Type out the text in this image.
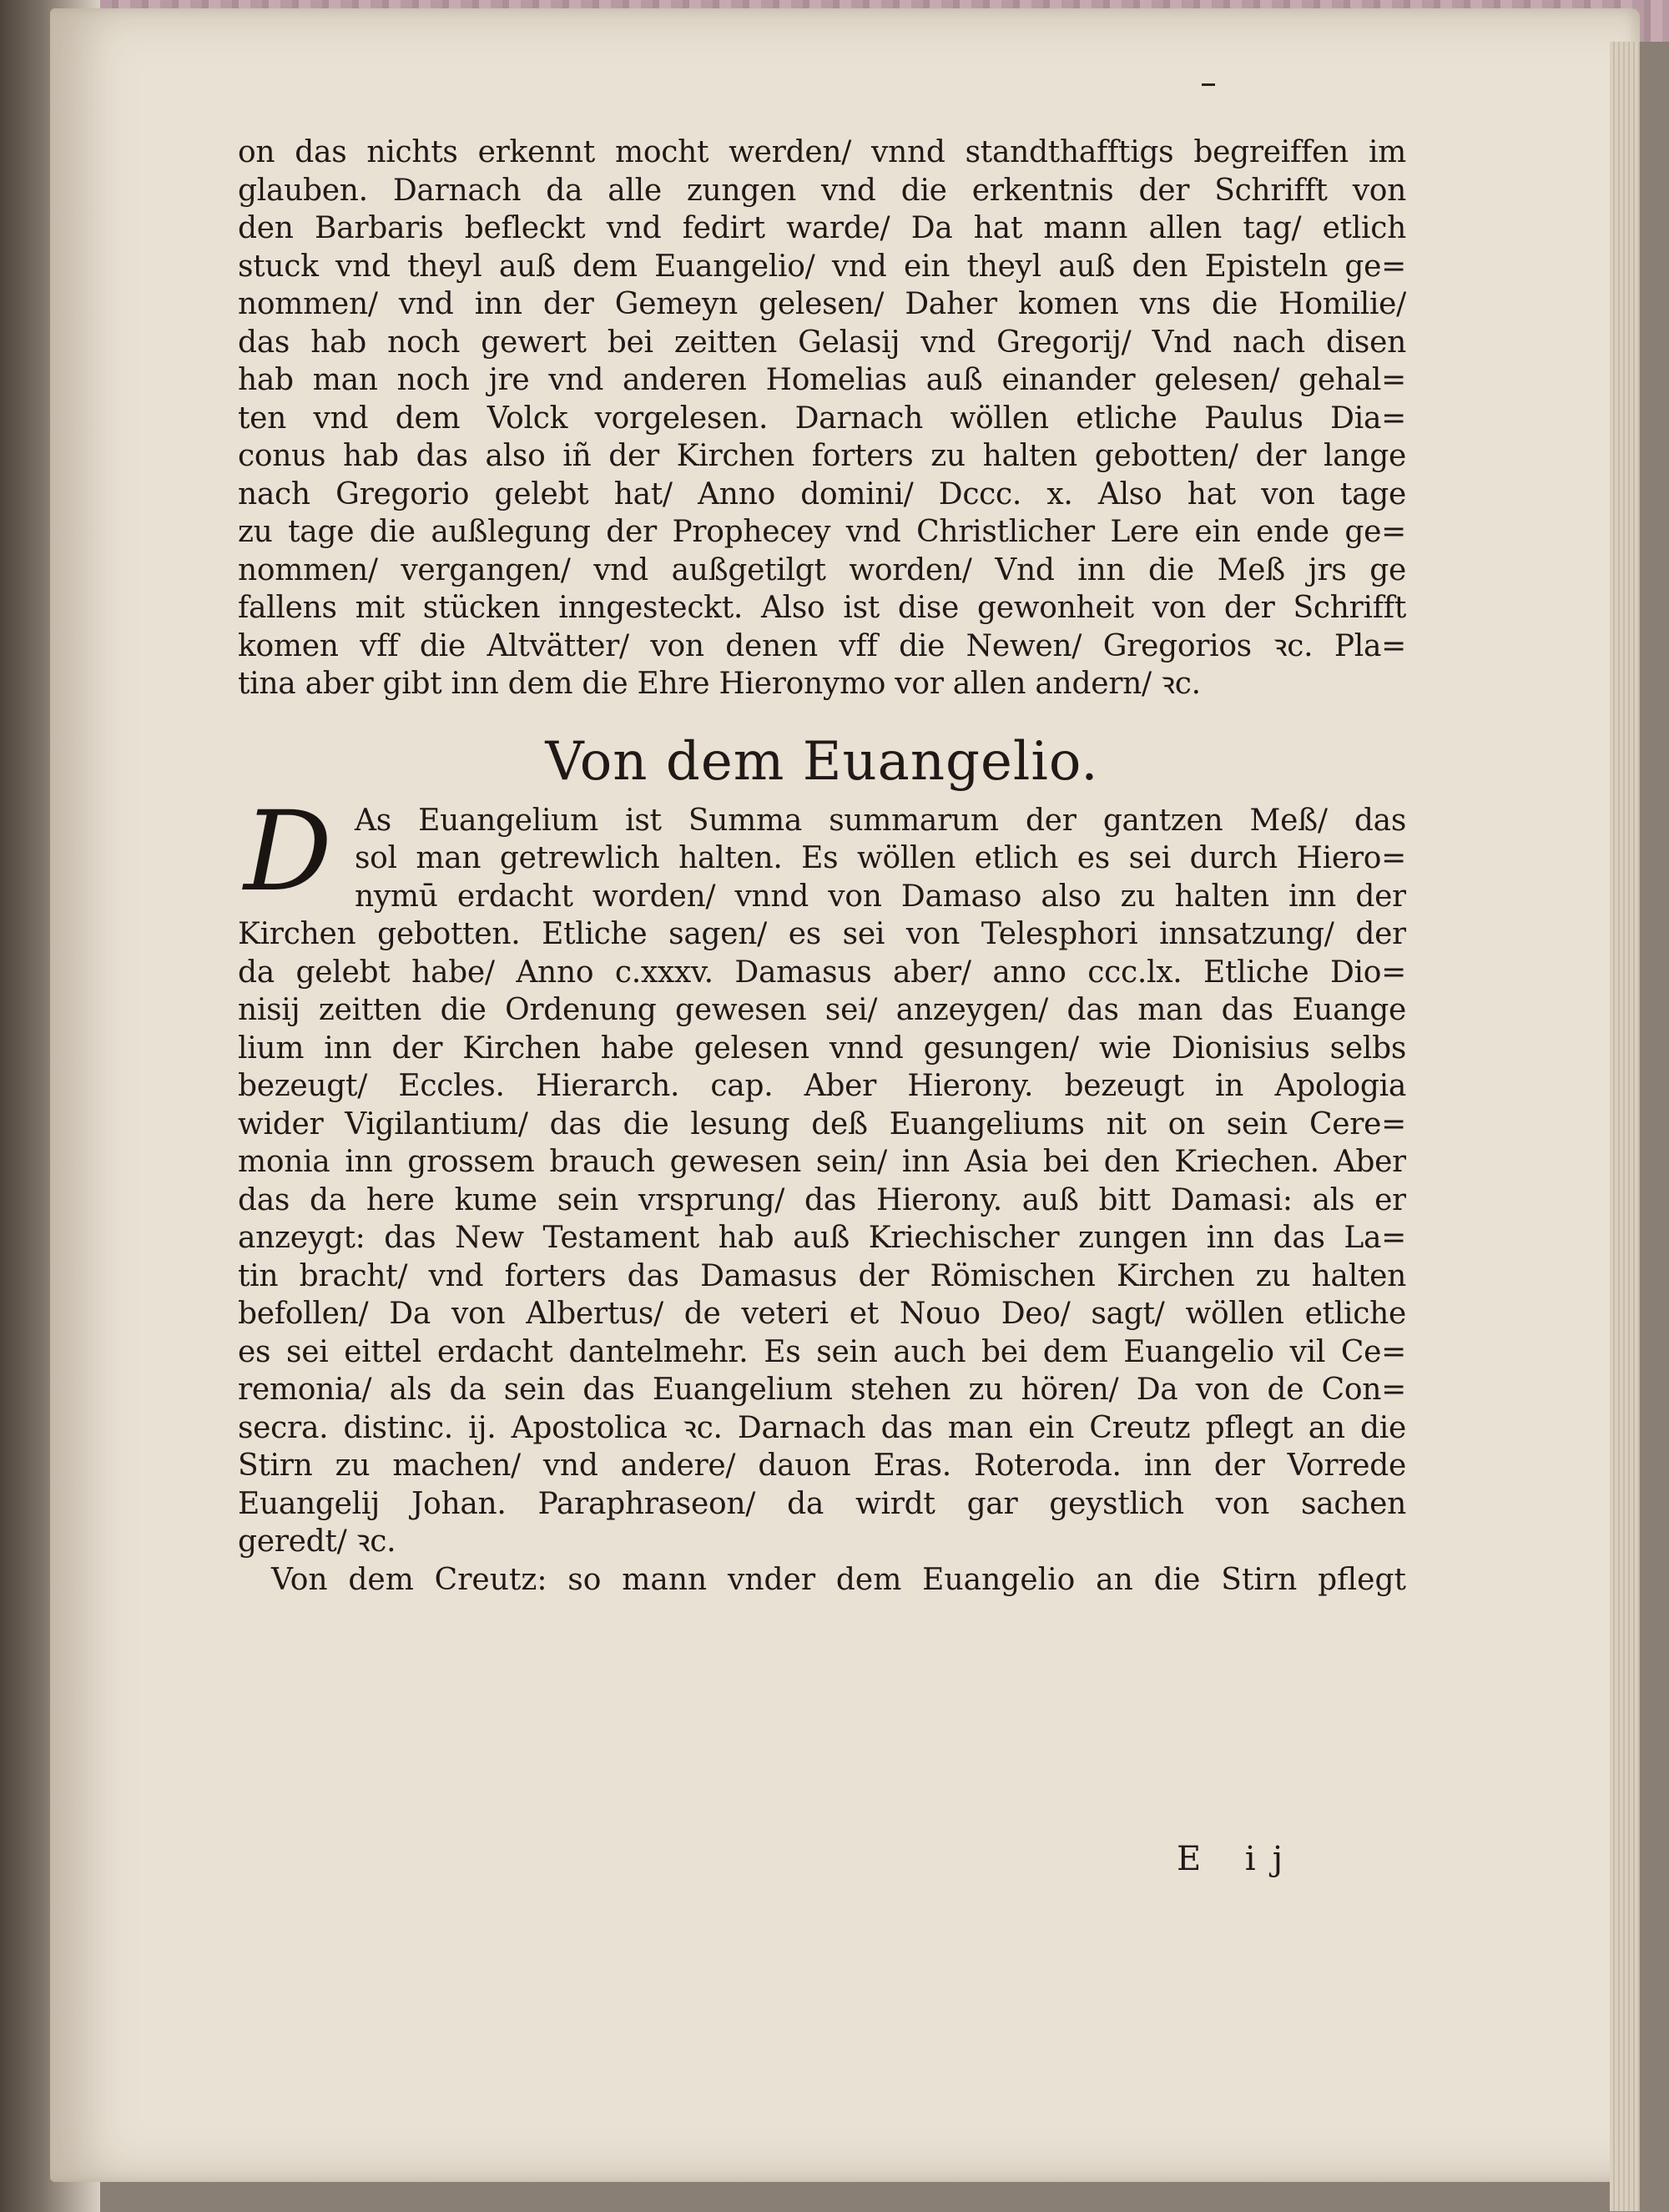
on das nichts erkennt mocht werden/ vnnd standthafftigs begreiffen im
glauben. Darnach da alle zungen vnd die erkentnis der Schrifft von
den Barbaris befleckt vnd fedirt warde/ Da hat mann allen tag/ etlich
stuck vnd theyl auß dem Euangelio/ vnd ein theyl auß den Episteln ge=
nommen/ vnd inn der Gemeyn gelesen/ Daher komen vns die Homilie/
das hab noch gewert bei zeitten Gelasij vnd Gregorij/ Vnd nach disen
hab man noch jre vnd anderen Homelias auß einander gelesen/ gehal=
ten vnd dem Volck vorgelesen. Darnach wöllen etliche Paulus Dia=
conus hab das also iñ der Kirchen forters zu halten gebotten/ der lange
nach Gregorio gelebt hat/ Anno domini/ Dccc. x. Also hat von tage
zu tage die außlegung der Prophecey vnd Christlicher Lere ein ende ge=
nommen/ vergangen/ vnd außgetilgt worden/ Vnd inn die Meß jrs ge
fallens mit stücken inngesteckt. Also ist dise gewonheit von der Schrifft
komen vff die Altvätter/ von denen vff die Newen/ Gregorios ꝛc. Pla=
tina aber gibt inn dem die Ehre Hieronymo vor allen andern/ ꝛc.
Von dem Euangelio.
D As Euangelium ist Summa summarum der gantzen Meß/ das
sol man getrewlich halten. Es wöllen etlich es sei durch Hiero=
nymū erdacht worden/ vnnd von Damaso also zu halten inn der
Kirchen gebotten. Etliche sagen/ es sei von Telesphori innsatzung/ der
da gelebt habe/ Anno c.xxxv. Damasus aber/ anno ccc.lx. Etliche Dio=
nisij zeitten die Ordenung gewesen sei/ anzeygen/ das man das Euange
lium inn der Kirchen habe gelesen vnnd gesungen/ wie Dionisius selbs
bezeugt/ Eccles. Hierarch. cap. Aber Hierony. bezeugt in Apologia
wider Vigilantium/ das die lesung deß Euangeliums nit on sein Cere=
monia inn grossem brauch gewesen sein/ inn Asia bei den Kriechen. Aber
das da here kume sein vrsprung/ das Hierony. auß bitt Damasi: als er
anzeygt: das New Testament hab auß Kriechischer zungen inn das La=
tin bracht/ vnd forters das Damasus der Römischen Kirchen zu halten
befollen/ Da von Albertus/ de veteri et Nouo Deo/ sagt/ wöllen etliche
es sei eittel erdacht dantelmehr. Es sein auch bei dem Euangelio vil Ce=
remonia/ als da sein das Euangelium stehen zu hören/ Da von de Con=
secra. distinc. ij. Apostolica ꝛc. Darnach das man ein Creutz pflegt an die
Stirn zu machen/ vnd andere/ dauon Eras. Roteroda. inn der Vorrede
Euangelij Johan. Paraphraseon/ da wirdt gar geystlich von sachen
geredt/ ꝛc.
Von dem Creutz: so mann vnder dem Euangelio an die Stirn pflegt
E ij
